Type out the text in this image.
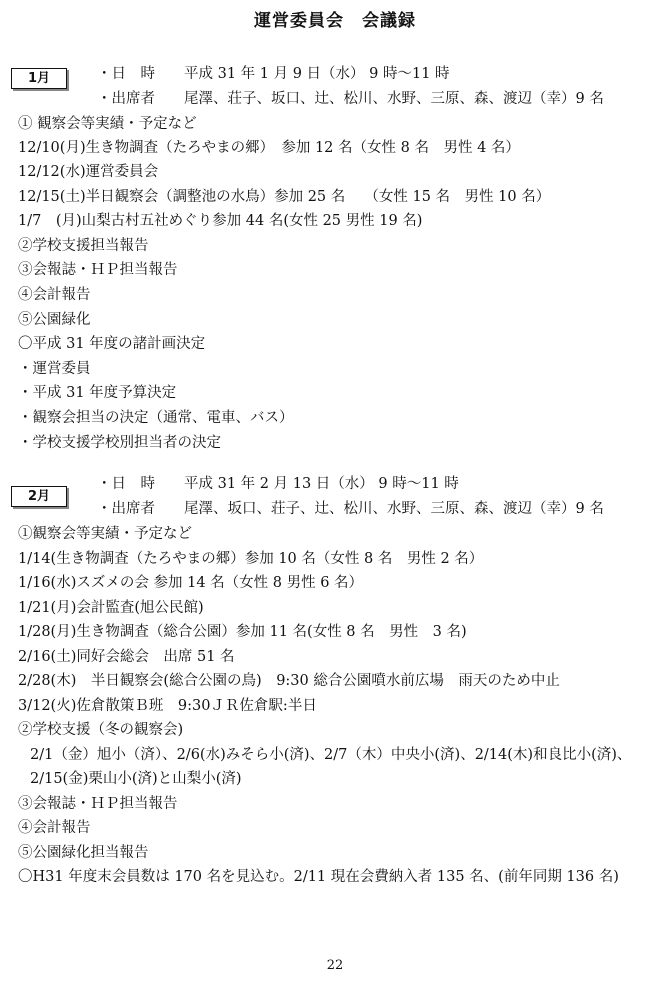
運営委員会　会議録
1月	・日　時　　平成 31 年 1 月 9 日（水） 9 時～11 時
・出席者　　尾澤、荘子、坂口、辻、松川、水野、三原、森、渡辺（幸）9 名
① 観察会等実績・予定など
12/10(月)生き物調査（たろやまの郷）　参加 12 名（女性 8 名　男性 4 名）
12/12(水)運営委員会
12/15(土)半日観察会（調整池の水鳥）参加 25 名　 （女性 15 名　男性 10 名）
1/7　(月)山梨古村五社めぐり参加 44 名(女性 25 男性 19 名)
②学校支援担当報告
③会報誌・ＨＰ担当報告
④会計報告
⑤公園緑化
〇平成 31 年度の諸計画決定
・運営委員
・平成 31 年度予算決定
・観察会担当の決定（通常、電車、バス）
・学校支援学校別担当者の決定
2月
・日　時　　平成 31 年 2 月 13 日（水） 9 時～11 時
・出席者　　尾澤、坂口、荘子、辻、松川、水野、三原、森、渡辺（幸）9 名
①観察会等実績・予定など
1/14(生き物調査（たろやまの郷）参加 10 名（女性 8 名　男性 2 名）
1/16(水)スズメの会 参加 14 名（女性 8 男性 6 名）
1/21(月)会計監査(旭公民館)
1/28(月)生き物調査（総合公園）参加 11 名(女性 8 名　男性　3 名)
2/16(土)同好会総会　出席 51 名
2/28(木)　半日観察会(総合公園の鳥)　9:30 総合公園噴水前広場　雨天のため中止
3/12(火)佐倉散策Ｂ班　9:30ＪＲ佐倉駅:半日
②学校支援（冬の観察会)
2/1（金）旭小（済）、2/6(水)みそら小(済)、2/7（木）中央小(済)、2/14(木)和良比小(済)、
2/15(金)栗山小(済)と山梨小(済)
③会報誌・ＨＰ担当報告
④会計報告
⑤公園緑化担当報告
〇H31 年度末会員数は 170 名を見込む。2/11 現在会費納入者 135 名、(前年同期 136 名)
22
